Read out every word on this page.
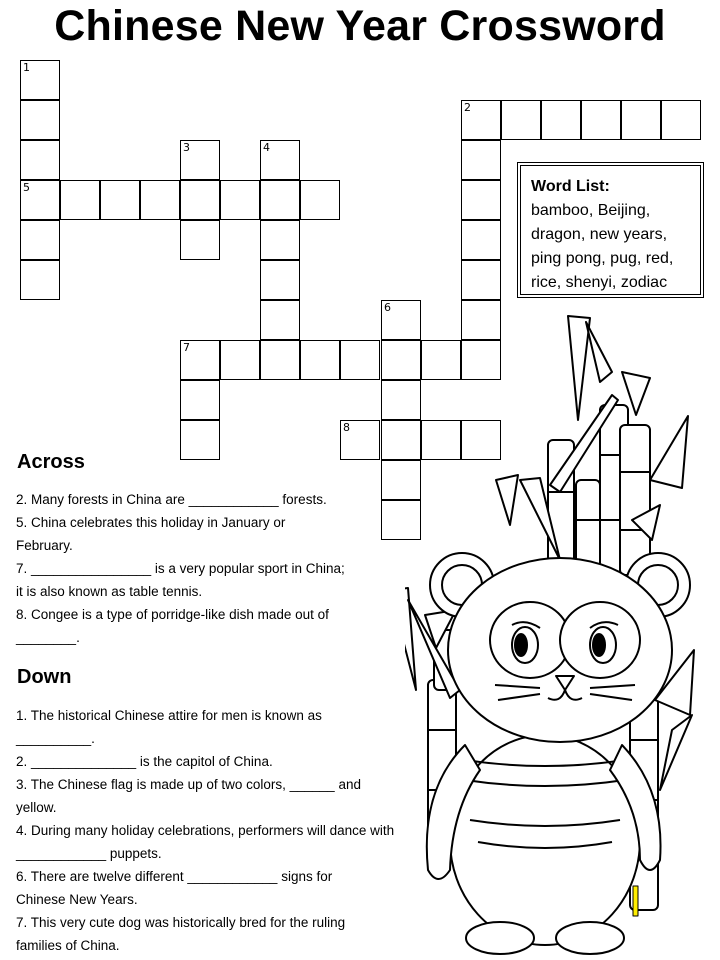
Chinese New Year Crossword
1
5
3	4
2
6
7
8
Word List:
bamboo, Beijing,
dragon, new years,
ping pong, pug, red,
rice, shenyi, zodiac
Across

2. Many forests in China are ____________ forests.

5. China celebrates this holiday in January or February.

7. ________________ is a very popular sport in China; it is also known as table tennis.

8. Congee is a type of porridge-like dish made out of ________.

Down

1. The historical Chinese attire for men is known as __________.

2. ______________ is the capitol of China.

3. The Chinese flag is made up of two colors, ______ and yellow.

4. During many holiday celebrations, performers will dance with ____________ puppets.

6. There are twelve different ____________ signs for Chinese New Years.

7. This very cute dog was historically bred for the ruling families of China.
